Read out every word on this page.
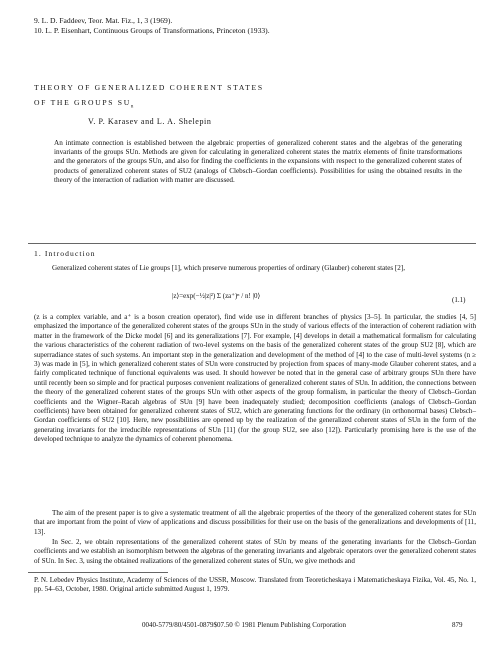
9. L. D. Faddeev, Teor. Mat. Fiz., 1, 3 (1969).
10. L. P. Eisenhart, Continuous Groups of Transformations, Princeton (1933).
THEORY OF GENERALIZED COHERENT STATES
OF THE GROUPS $SU_n$
V. P. Karasev and L. A. Shelepin
An intimate connection is established between the algebraic properties of generalized coherent states and the algebras of the generating invariants of the groups SUn. Methods are given for calculating in generalized coherent states the matrix elements of finite transformations and the generators of the groups SUn, and also for finding the coefficients in the expansions with respect to the generalized coherent states of products of generalized coherent states of SU2 (analogs of Clebsch–Gordan coefficients). Possibilities for using the obtained results in the theory of the interaction of radiation with matter are discussed.
1. Introduction
Generalized coherent states of Lie groups [1], which preserve numerous properties of ordinary (Glauber) coherent states [2],
|z⟩=exp(−½|z|²) Σ (za⁺)ⁿ / n! |0⟩	(1.1)
(z is a complex variable, and a⁺ is a boson creation operator), find wide use in different branches of physics [3–5]. In particular, the studies [4, 5] emphasized the importance of the generalized coherent states of the groups SUn in the study of various effects of the interaction of coherent radiation with matter in the framework of the Dicke model [6] and its generalizations [7]. For example, [4] develops in detail a mathematical formalism for calculating the various characteristics of the coherent radiation of two-level systems on the basis of the generalized coherent states of the group SU2 [8], which are superradiance states of such systems. An important step in the generalization and development of the method of [4] to the case of multi-level systems (n ≥ 3) was made in [5], in which generalized coherent states of SUn were constructed by projection from spaces of many-mode Glauber coherent states, and a fairly complicated technique of functional equivalents was used. It should however be noted that in the general case of arbitrary groups SUn there have until recently been so simple and for practical purposes convenient realizations of generalized coherent states of SUn. In addition, the connections between the theory of the generalized coherent states of the groups SUn with other aspects of the group formalism, in particular the theory of Clebsch–Gordan coefficients and the Wigner–Racah algebras of SUn [9] have been inadequately studied; decomposition coefficients (analogs of Clebsch–Gordan coefficients) have been obtained for generalized coherent states of SU2, which are generating functions for the ordinary (in orthonormal bases) Clebsch–Gordan coefficients of SU2 [10]. Here, new possibilities are opened up by the realization of the generalized coherent states of SUn in the form of the generating invariants for the irreducible representations of SUn [11] (for the group SU2, see also [12]). Particularly promising here is the use of the developed technique to analyze the dynamics of coherent phenomena.
The aim of the present paper is to give a systematic treatment of all the algebraic properties of the theory of the generalized coherent states for SUn that are important from the point of view of applications and discuss possibilities for their use on the basis of the generalizations and developments of [11, 13].
In Sec. 2, we obtain representations of the generalized coherent states of SUn by means of the generating invariants for the Clebsch–Gordan coefficients and we establish an isomorphism between the algebras of the generating invariants and algebraic operators over the generalized coherent states of SUn. In Sec. 3, using the obtained realizations of the generalized coherent states of SUn, we give methods and
P. N. Lebedev Physics Institute, Academy of Sciences of the USSR, Moscow. Translated from Teoreticheskaya i Matematicheskaya Fizika, Vol. 45, No. 1, pp. 54–63, October, 1980. Original article submitted August 1, 1979.
0040-5779/80/4501-0879$07.50 © 1981 Plenum Publishing Corporation	879
